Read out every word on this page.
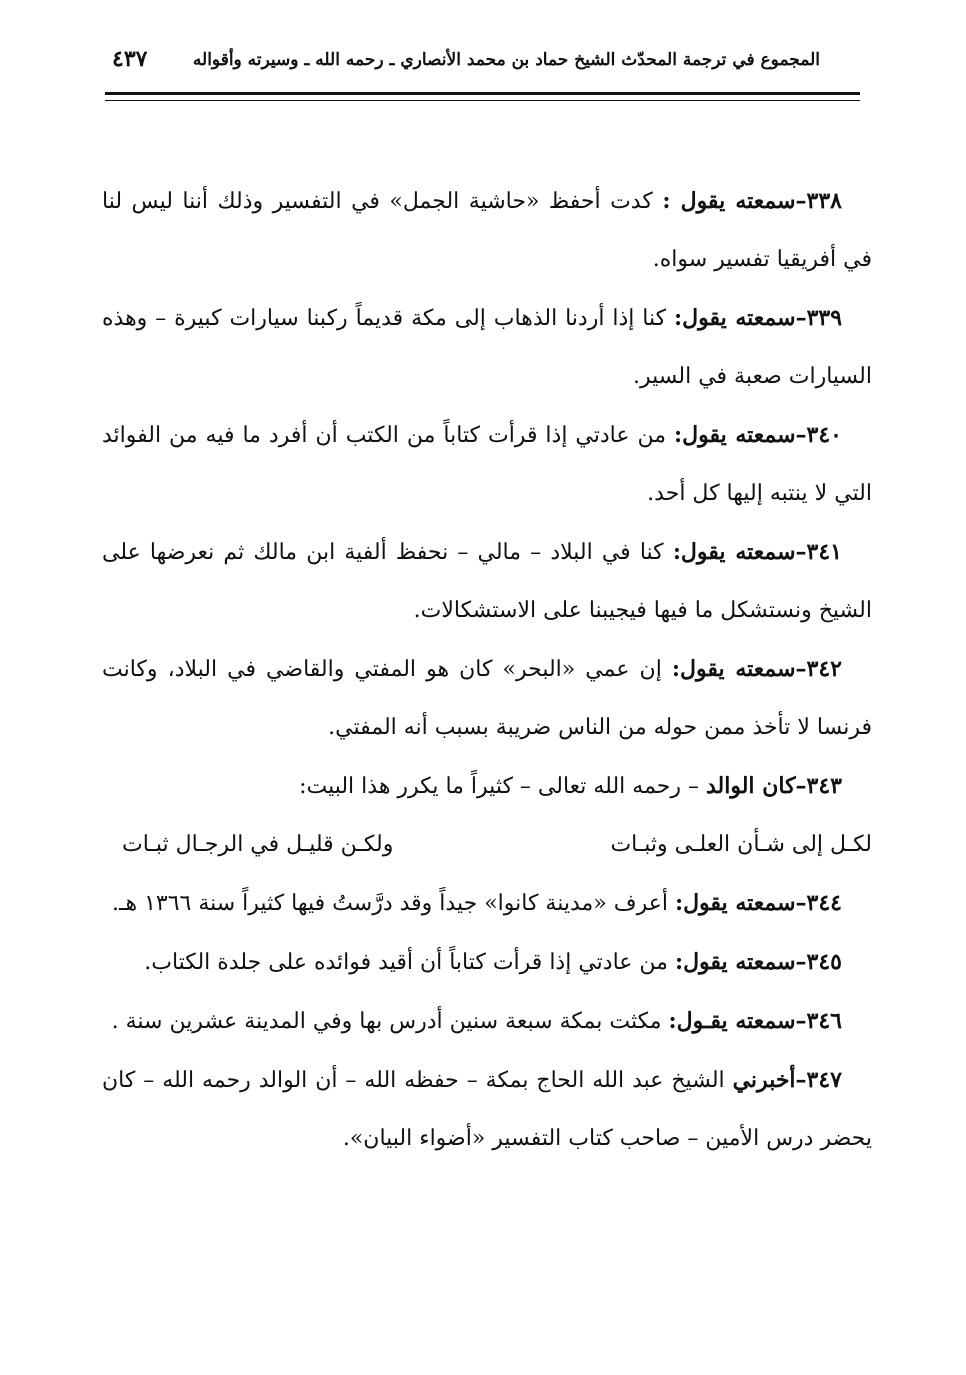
المجموع في ترجمة المحدّث الشيخ حماد بن محمد الأنصاري ـ رحمه الله ـ وسيرته وأقواله
٤٣٧

٣٣٨–سمعته يقول : كدت أحفظ «حاشية الجمل» في التفسير وذلك أننا ليس لنا في أفريقيا تفسير سواه.

٣٣٩–سمعته يقول: كنا إذا أردنا الذهاب إلى مكة قديماً ركبنا سيارات كبيرة – وهذه السيارات صعبة في السير.

٣٤٠–سمعته يقول: من عادتي إذا قرأت كتاباً من الكتب أن أفرد ما فيه من الفوائد التي لا ينتبه إليها كل أحد.

٣٤١–سمعته يقول: كنا في البلاد – مالي – نحفظ ألفية ابن مالك ثم نعرضها على الشيخ ونستشكل ما فيها فيجيبنا على الاستشكالات.

٣٤٢–سمعته يقول: إن عمي «البحر» كان هو المفتي والقاضي في البلاد، وكانت فرنسا لا تأخذ ممن حوله من الناس ضريبة بسبب أنه المفتي.

٣٤٣–كان الوالد – رحمه الله تعالى – كثيراً ما يكرر هذا البيت:

لكـل إلى شـأن العلـى وثبـات
ولكـن قليـل في الرجـال ثبـات

٣٤٤–سمعته يقول: أعرف «مدينة كانوا» جيداً وقد درَّستُ فيها كثيراً سنة ١٣٦٦ هـ.

٣٤٥–سمعته يقول: من عادتي إذا قرأت كتاباً أن أقيد فوائده على جلدة الكتاب.

٣٤٦–سمعته يقـول: مكثت بمكة سبعة سنين أدرس بها وفي المدينة عشرين سنة .

٣٤٧–أخبرني الشيخ عبد الله الحاج بمكة – حفظه الله – أن الوالد رحمه الله – كان يحضر درس الأمين – صاحب كتاب التفسير «أضواء البيان».
